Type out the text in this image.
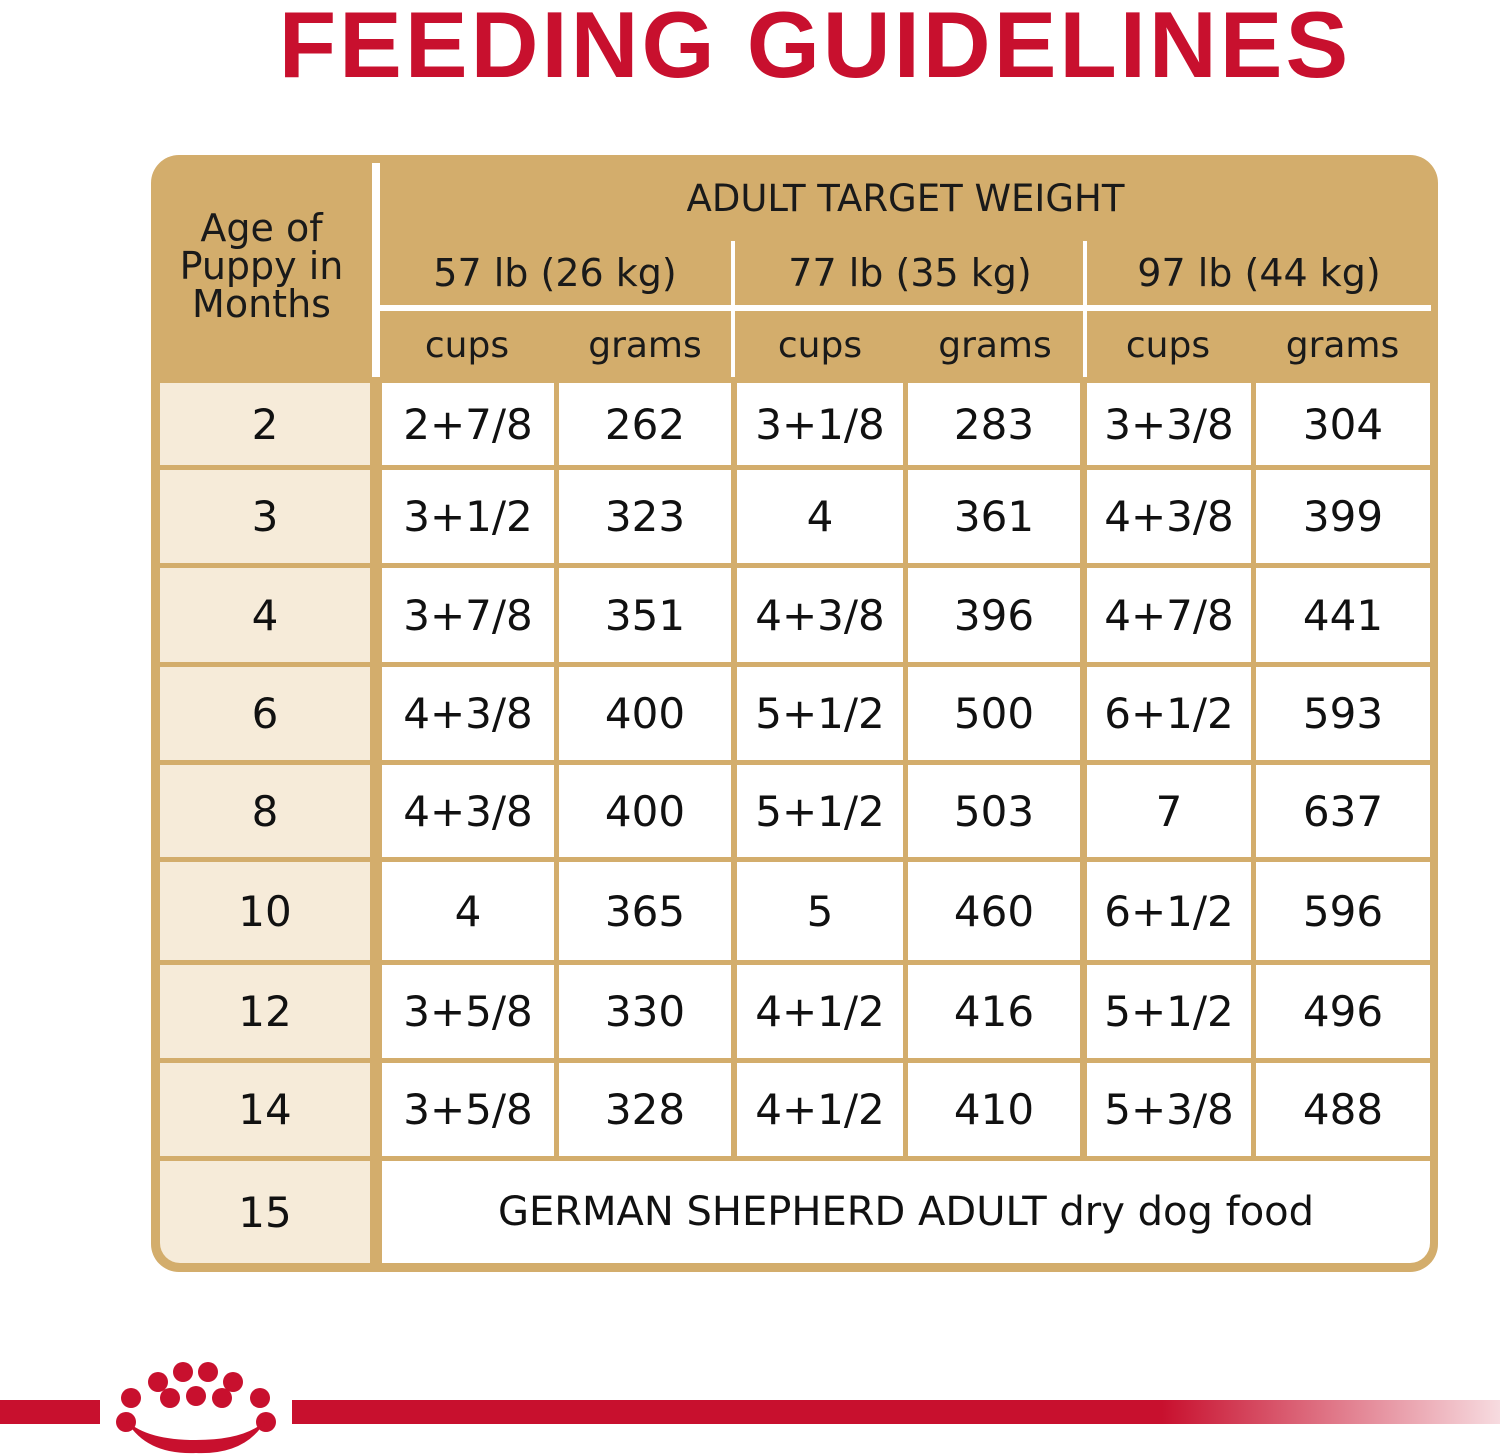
FEEDING GUIDELINES
Age of
Puppy in
Months
ADULT TARGET WEIGHT
57 lb (26 kg)	77 lb (35 kg)	97 lb (44 kg)
cups	grams	cups	grams	cups	grams
2	2+7/8	262	3+1/8	283	3+3/8	304
3	3+1/2	323	4	361	4+3/8	399
4	3+7/8	351	4+3/8	396	4+7/8	441
6	4+3/8	400	5+1/2	500	6+1/2	593
8	4+3/8	400	5+1/2	503	7	637
10	4	365	5	460	6+1/2	596
12	3+5/8	330	4+1/2	416	5+1/2	496
14	3+5/8	328	4+1/2	410	5+3/8	488
15	GERMAN SHEPHERD ADULT dry dog food
